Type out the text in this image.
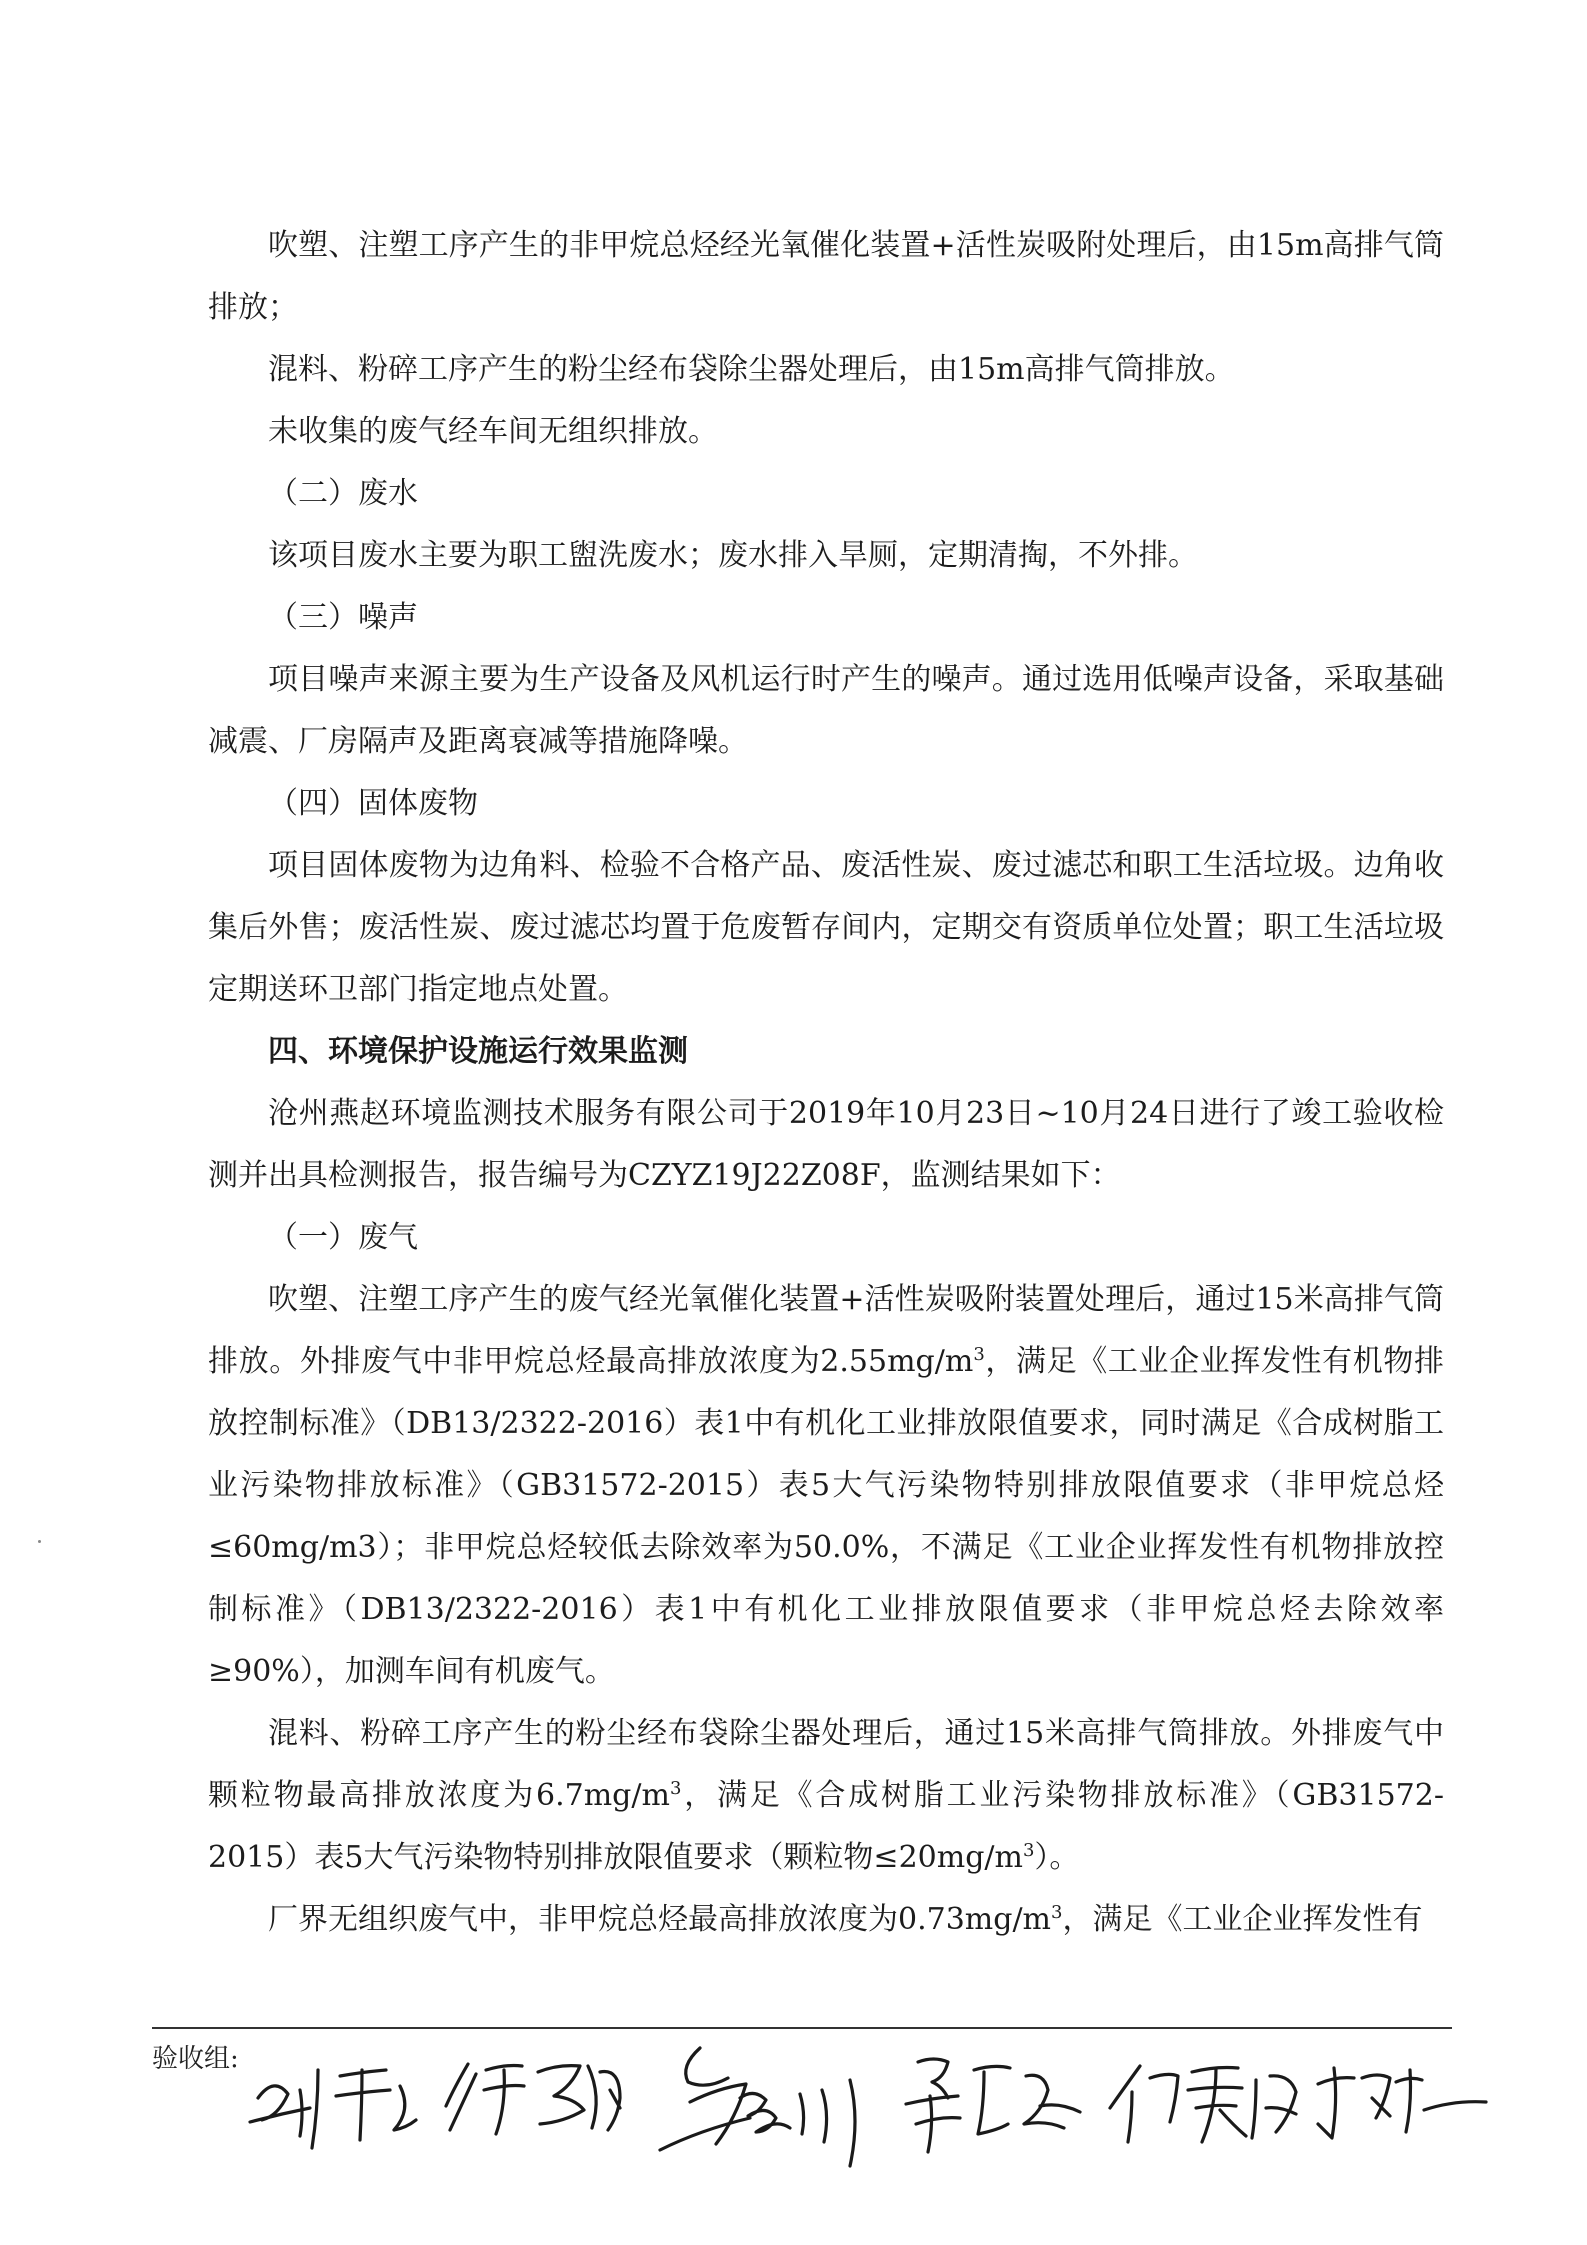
吹塑、注塑工序产生的非甲烷总烃经光氧催化装置+活性炭吸附处理后，由15m高排气筒排放；

混料、粉碎工序产生的粉尘经布袋除尘器处理后，由15m高排气筒排放。

未收集的废气经车间无组织排放。

（二）废水

该项目废水主要为职工盥洗废水；废水排入旱厕，定期清掏，不外排。

（三）噪声

项目噪声来源主要为生产设备及风机运行时产生的噪声。通过选用低噪声设备，采取基础减震、厂房隔声及距离衰减等措施降噪。

（四）固体废物

项目固体废物为边角料、检验不合格产品、废活性炭、废过滤芯和职工生活垃圾。边角收集后外售；废活性炭、废过滤芯均置于危废暂存间内，定期交有资质单位处置；职工生活垃圾定期送环卫部门指定地点处置。

四、环境保护设施运行效果监测

沧州燕赵环境监测技术服务有限公司于2019年10月23日~10月24日进行了竣工验收检测并出具检测报告，报告编号为CZYZ19J22Z08F，监测结果如下：

（一）废气

吹塑、注塑工序产生的废气经光氧催化装置+活性炭吸附装置处理后，通过15米高排气筒排放。外排废气中非甲烷总烃最高排放浓度为$2.55mg/m^3$，满足《工业企业挥发性有机物排放控制标准》（DB13/2322-2016）表1中有机化工业排放限值要求，同时满足《合成树脂工业污染物排放标准》（GB31572-2015）表5大气污染物特别排放限值要求（非甲烷总烃≤60mg/m3）；非甲烷总烃较低去除效率为50.0%，不满足《工业企业挥发性有机物排放控制标准》（DB13/2322-2016）表1中有机化工业排放限值要求（非甲烷总烃去除效率≥90%），加测车间有机废气。

混料、粉碎工序产生的粉尘经布袋除尘器处理后，通过15米高排气筒排放。外排废气中颗粒物最高排放浓度为$6.7mg/m^3$，满足《合成树脂工业污染物排放标准》（GB31572-2015）表5大气污染物特别排放限值要求（颗粒物$\le 20mg/m^3$）。

厂界无组织废气中，非甲烷总烃最高排放浓度为$0.73mg/m^3$，满足《工业企业挥发性有

验收组:
